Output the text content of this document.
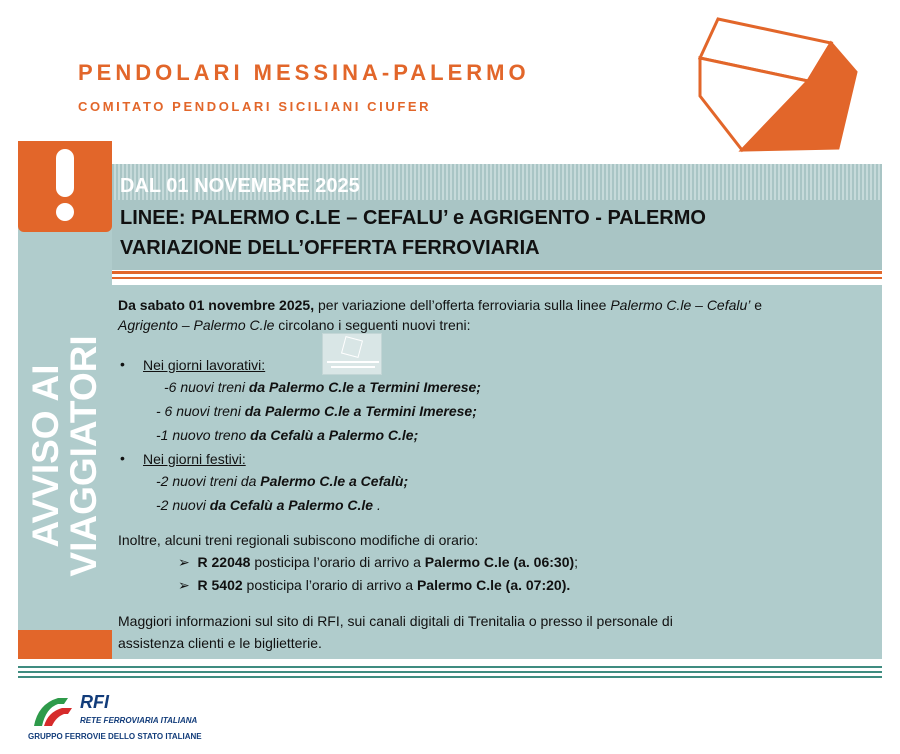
PENDOLARI MESSINA-PALERMO
COMITATO PENDOLARI SICILIANI CIUFER
AVVISO AI
VIAGGIATORI
DAL 01 NOVEMBRE 2025
LINEE: PALERMO C.LE – CEFALU’ e AGRIGENTO - PALERMO
VARIAZIONE DELL’OFFERTA FERROVIARIA
Da sabato 01 novembre 2025, per variazione dell’offerta ferroviaria sulla linee Palermo C.le – Cefalu’ e
Agrigento – Palermo C.le circolano i seguenti nuovi treni:
• Nei giorni lavorativi:
-6 nuovi treni da Palermo C.le a Termini Imerese;
- 6 nuovi treni da Palermo C.le a Termini Imerese;
-1 nuovo treno da Cefalù a Palermo C.le;
• Nei giorni festivi:
-2 nuovi treni da Palermo C.le a Cefalù;
-2 nuovi da Cefalù a Palermo C.le .
Inoltre, alcuni treni regionali subiscono modifiche di orario:
➢ R 22048 posticipa l’orario di arrivo a Palermo C.le (a. 06:30);
➢ R 5402 posticipa l’orario di arrivo a Palermo C.le (a. 07:20).
Maggiori informazioni sul sito di RFI, sui canali digitali di Trenitalia o presso il personale di
assistenza clienti e le biglietterie.
RFI
RETE FERROVIARIA ITALIANA
GRUPPO FERROVIE DELLO STATO ITALIANE
